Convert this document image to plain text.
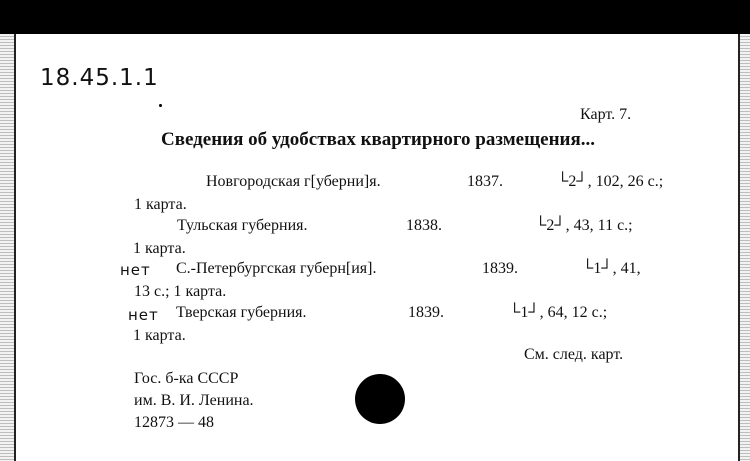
18.45.1.1
Карт. 7.
Сведения об удобствах квартирного размещения...
Новгородская г[уберни]я.	1837.	└2┘, 102, 26 с.;
1 карта.
Тульская губерния.	1838.	└2┘, 43, 11 с.;
1 карта.
нет С.-Петербургская губерн[ия].	1839.	└1┘, 41,
13 с.; 1 карта.
нет Тверская губерния.	1839.	└1┘, 64, 12 с.;
1 карта.
См. след. карт.
Гос. б-ка СССР
им. В. И. Ленина.
12873 — 48
